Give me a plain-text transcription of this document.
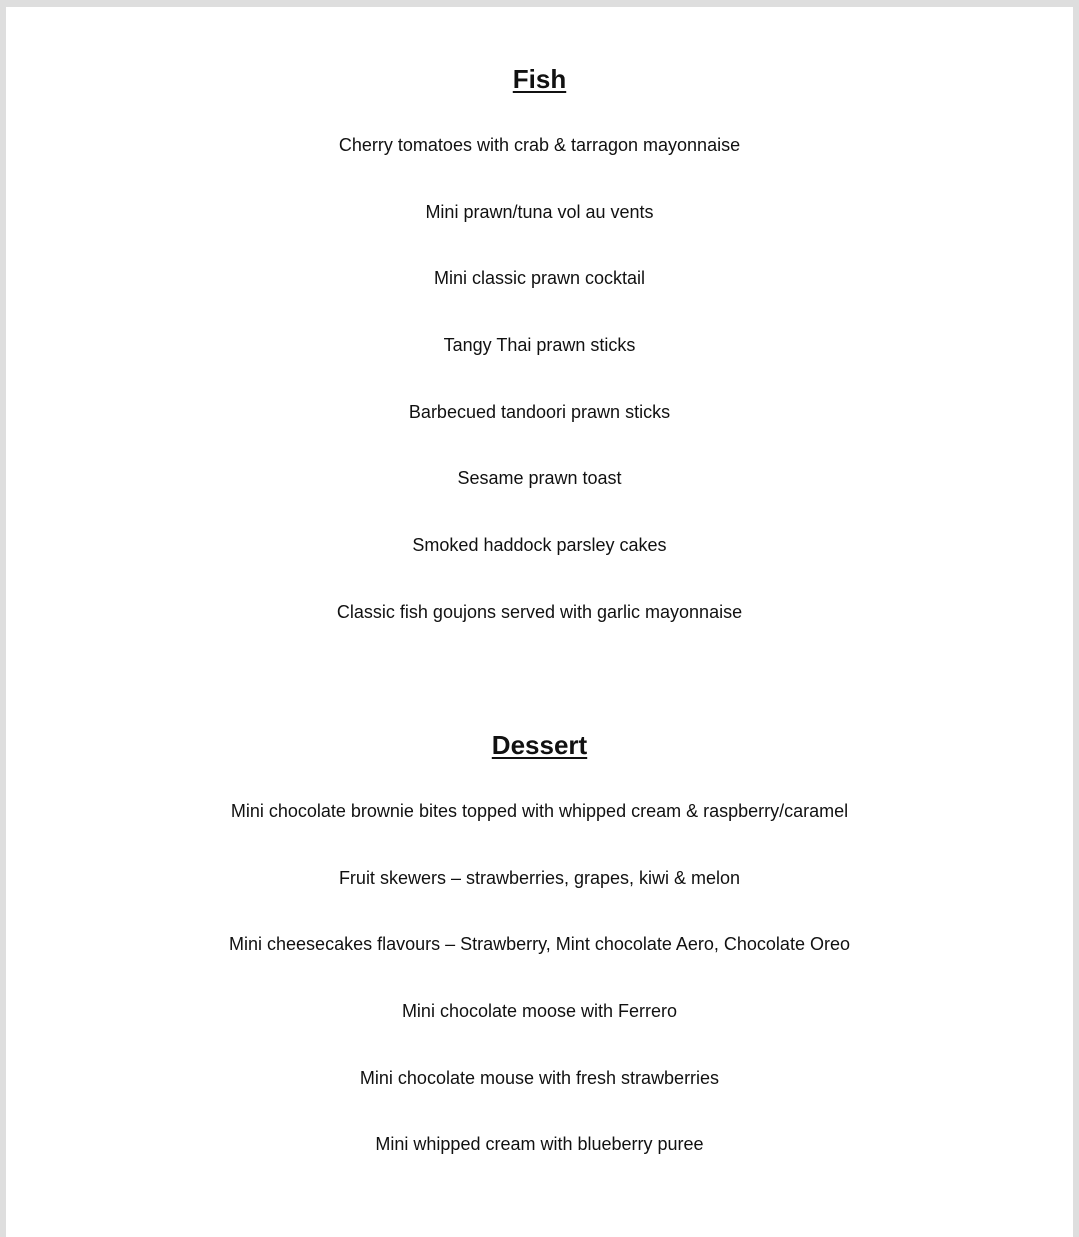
Fish
Cherry tomatoes with crab & tarragon mayonnaise
Mini prawn/tuna vol au vents
Mini classic prawn cocktail
Tangy Thai prawn sticks
Barbecued tandoori prawn sticks
Sesame prawn toast
Smoked haddock parsley cakes
Classic fish goujons served with garlic mayonnaise
Dessert
Mini chocolate brownie bites topped with whipped cream & raspberry/caramel
Fruit skewers – strawberries, grapes, kiwi & melon
Mini cheesecakes flavours – Strawberry, Mint chocolate Aero, Chocolate Oreo
Mini chocolate moose with Ferrero
Mini chocolate mouse with fresh strawberries
Mini whipped cream with blueberry puree
